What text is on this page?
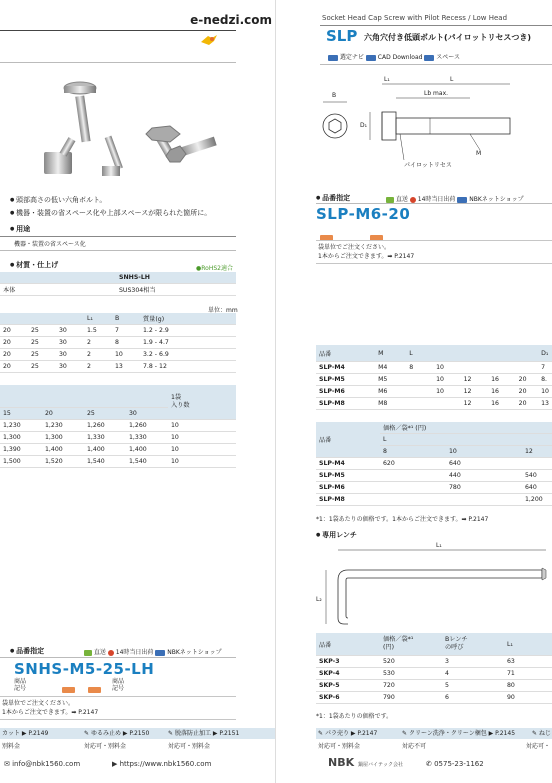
e-nedzi.com
● 頭部高さの低い六角ボルト。
● 機器・装置の省スペース化や上部スペースが限られた箇所に。
● 用途
機器・装置の省スペース化
● 材質・仕上げ	●RoHS2適合
	SNHS-LH
本体	SUS304相当
単位：mm
			L₁	B	質量(g)
20	25	30	1.5	7	1.2 - 2.9
20	25	30	2	8	1.9 - 4.7
20	25	30	2	10	3.2 - 6.9
20	25	30	2	13	7.8 - 12
				1袋
入り数
15	20	25	30	
1,230	1,230	1,260	1,260	10
1,300	1,300	1,330	1,330	10
1,390	1,400	1,400	1,400	10
1,500	1,520	1,540	1,540	10
● 品番指定	直送 14時当日出荷 NBKネットショップ
SNHS-M5-25-LH
商品
記号
商品
記号
袋単位でご注文ください。
1本からご注文できます。➡ P.2147
カット ▶ P.2149	✎ ゆるみ止め ▶ P.2150	✎ 脱落防止加工 ▶ P.2151
別料金	対応可・別料金	対応可・別料金
✉ info@nbk1560.com	▶ https://www.nbk1560.com
Socket Head Cap Screw with Pilot Recess / Low Head
SLP 六角穴付き低頭ボルト(パイロットリセスつき)
選定ナビ CAD Download スペース
B
L₁	L
Lb max.
D₁
M
パイロットリセス
● 品番指定	直送 14時当日出荷 NBKネットショップ
SLP-M6-20
袋単位でご注文ください。
1本からご注文できます。➡ P.2147
品番	M	L					D₁
SLP-M4	M4	8	10				7
SLP-M5	M5		10	12	16	20	8.
SLP-M6	M6		10	12	16	20	10
SLP-M8	M8			12	16	20	13
品番	価格／袋*¹ (円)		
	L		
	8	10	12
SLP-M4	620	640	
SLP-M5		440	540
SLP-M6		780	640
SLP-M8			1,200
*1：1袋あたりの価格です。1本からご注文できます。➡ P.2147
● 専用レンチ
L₁
L₂
品番	価格／袋*¹
(円)	Bレンチ
の呼び	L₁
SKP-3	520	3	63
SKP-4	530	4	71
SKP-5	720	5	80
SKP-6	790	6	90
*1：1袋あたりの価格です。
✎ パラ売り ▶ P.2147	✎ クリーン洗浄・クリーン梱包 ▶ P.2145	✎ ねじ
対応可・別料金	対応不可	対応可・
NBK 鍋屋バイテック会社	✆ 0575-23-1162
